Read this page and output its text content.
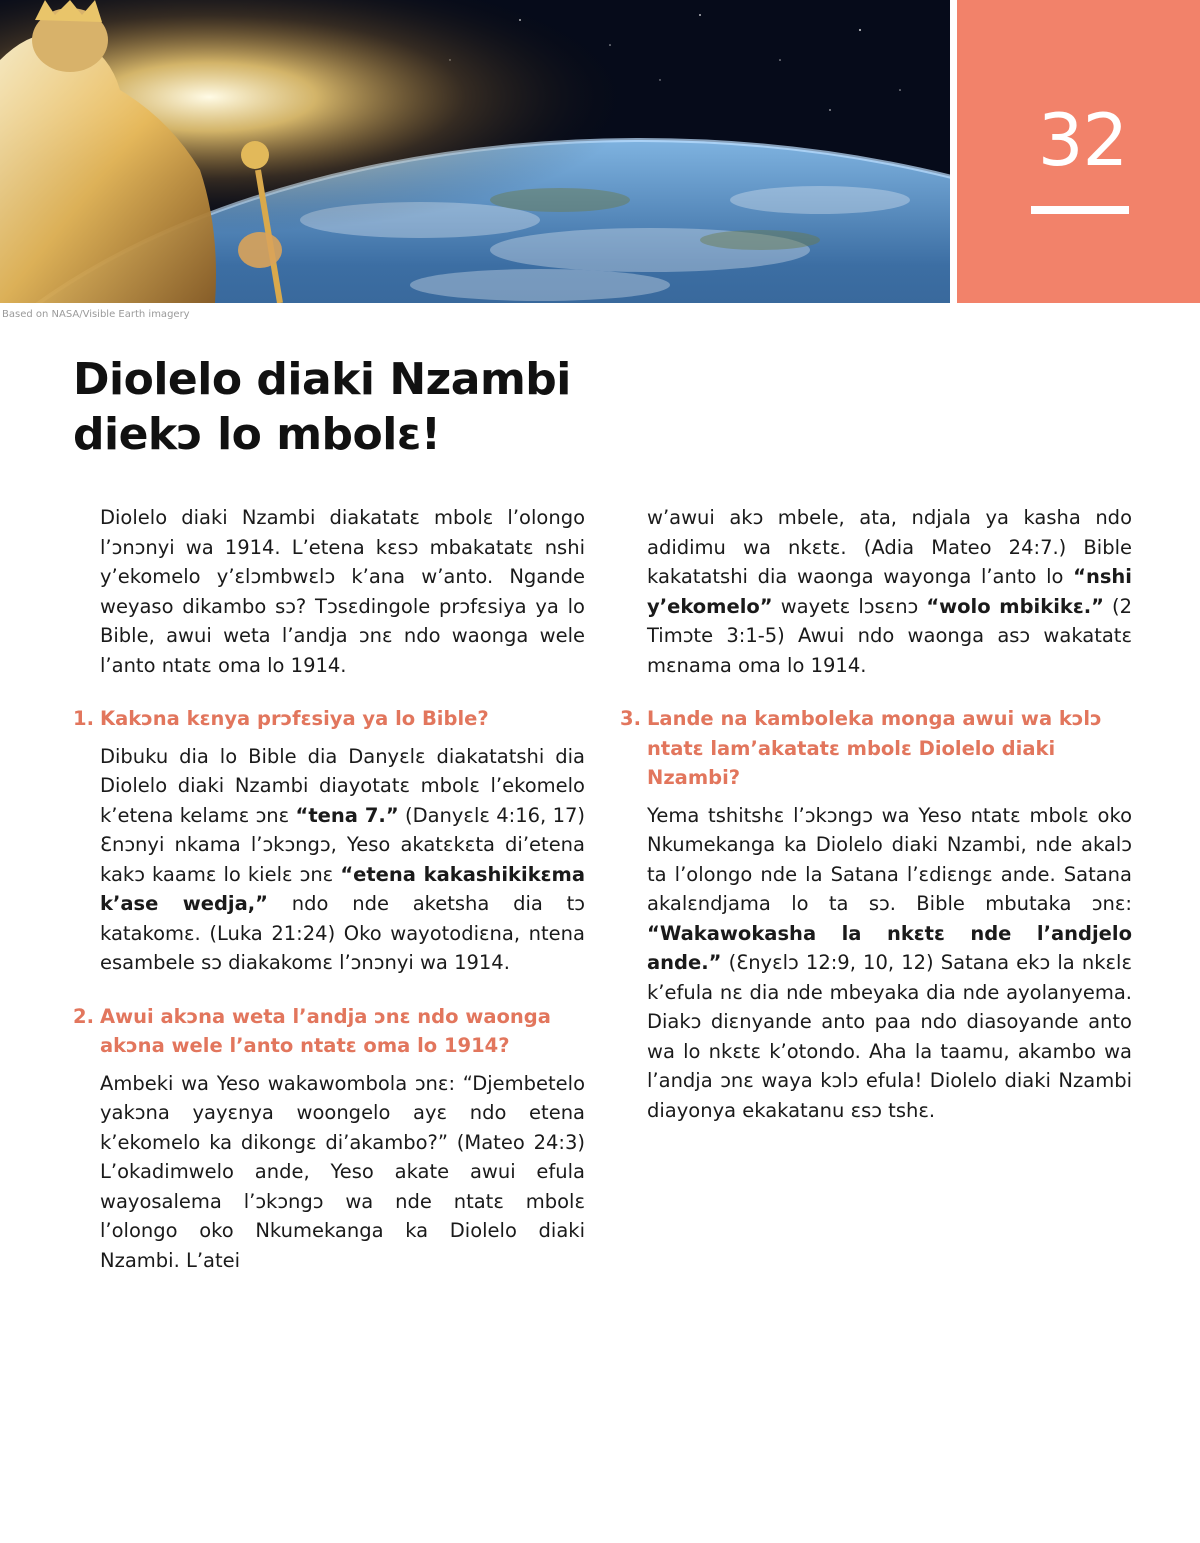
32
Based on NASA/Visible Earth imagery
Diolelo diaki Nzambi
diekɔ lo mbolɛ!

Diolelo diaki Nzambi diakatatɛ mbolɛ l’olongo l’ɔnɔnyi wa 1914. L’etena kɛsɔ mbakatatɛ nshi y’ekomelo y’ɛlɔmbwɛlɔ k’ana w’anto. Ngande weyaso dikambo sɔ? Tɔsɛdingole prɔfɛsiya ya lo Bible, awui weta l’andja ɔnɛ ndo waonga wele l’anto ntatɛ oma lo 1914.

1. Kakɔna kɛnya prɔfɛsiya ya lo Bible?

Dibuku dia lo Bible dia Danyɛlɛ diakatatshi dia Diolelo diaki Nzambi diayotatɛ mbolɛ l’ekomelo k’etena kelamɛ ɔnɛ “tena 7.” (Danyɛlɛ 4:16, 17) Ɛnɔnyi nkama l’ɔkɔngɔ, Yeso akatɛkɛta di’etena kakɔ kaamɛ lo kielɛ ɔnɛ “etena kakashikikɛma k’ase wedja,” ndo nde aketsha dia tɔ katakomɛ. (Luka 21:24) Oko wayotodiɛna, ntena esambele sɔ diakakomɛ l’ɔnɔnyi wa 1914.

2. Awui akɔna weta l’andja ɔnɛ ndo waonga akɔna wele l’anto ntatɛ oma lo 1914?

Ambeki wa Yeso wakawombola ɔnɛ: “Djembetelo yakɔna yayɛnya woongelo ayɛ ndo etena k’ekomelo ka dikongɛ di’akambo?” (Mateo 24:3) L’okadimwelo ande, Yeso akate awui efula wayosalema l’ɔkɔngɔ wa nde ntatɛ mbolɛ l’olongo oko Nkumekanga ka Diolelo diaki Nzambi. L’atei

w’awui akɔ mbele, ata, ndjala ya kasha ndo adidimu wa nkɛtɛ. (Adia Mateo 24:7.) Bible kakatatshi dia waonga wayonga l’anto lo “nshi y’ekomelo” wayetɛ lɔsɛnɔ “wolo mbikikɛ.” (2 Timɔte 3:1-5) Awui ndo waonga asɔ wakatatɛ mɛnama oma lo 1914.

3. Lande na kamboleka monga awui wa kɔlɔ ntatɛ lam’akatatɛ mbolɛ Diolelo diaki Nzambi?

Yema tshitshɛ l’ɔkɔngɔ wa Yeso ntatɛ mbolɛ oko Nkumekanga ka Diolelo diaki Nzambi, nde akalɔ ta l’olongo nde la Satana l’ɛdiɛngɛ ande. Satana akalɛndjama lo ta sɔ. Bible mbutaka ɔnɛ: “Wakawokasha la nkɛtɛ nde l’andjelo ande.” (Ɛnyɛlɔ 12:9, 10, 12) Satana ekɔ la nkɛlɛ k’efula nɛ dia nde mbeyaka dia nde ayolanyema. Diakɔ diɛnyande anto paa ndo diasoyande anto wa lo nkɛtɛ k’otondo. Aha la taamu, akambo wa l’andja ɔnɛ waya kɔlɔ efula! Diolelo diaki Nzambi diayonya ekakatanu ɛsɔ tshɛ.
